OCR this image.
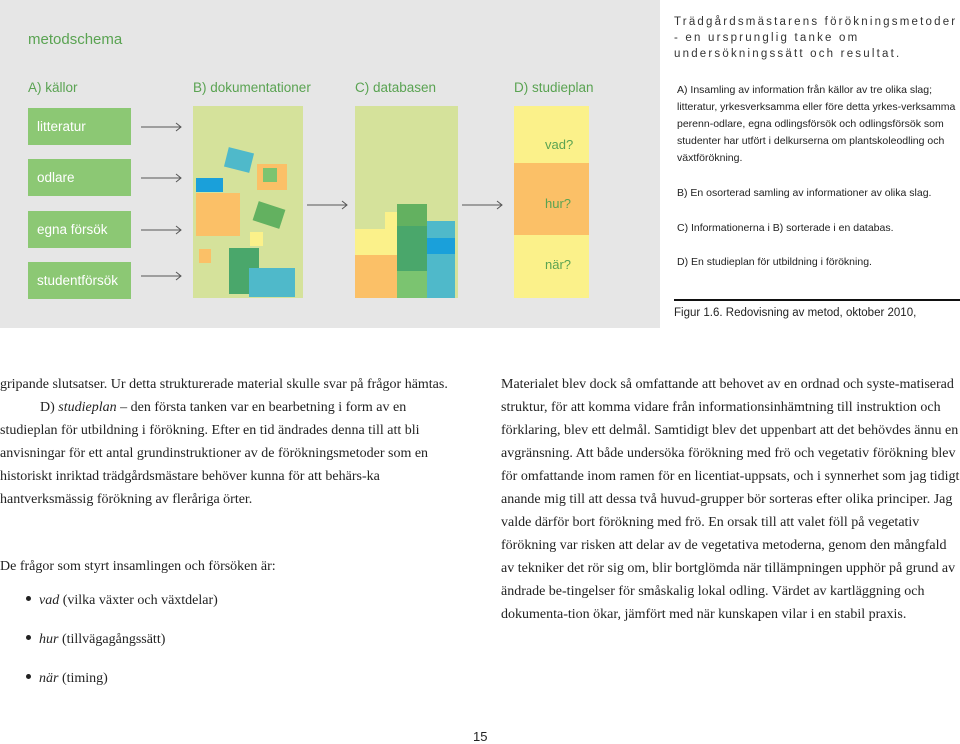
metodschema
A) källor	B) dokumentationer	C) databasen	D) studieplan
litteratur
odlare
egna försök
studentförsök
vad?
hur?
när?
Trädgårdsmästarens förökningsmetoder - en ursprunglig tanke om undersökningssätt och resultat.
A) Insamling av information från källor av tre olika slag; litteratur, yrkesverksamma eller före detta yrkes-verksamma perenn-odlare, egna odlingsförsök och odlingsförsök som studenter har utfört i delkurserna om plantskoleodling och växtförökning.
B) En osorterad samling av informationer av olika slag.
C) Informationerna i B) sorterade i en databas.
D) En studieplan för utbildning i förökning.
Figur 1.6. Redovisning av metod, oktober 2010,

gripande slutsatser. Ur detta strukturerade material skulle svar på frågor hämtas.

D) studieplan – den första tanken var en bearbetning i form av en studieplan för utbildning i förökning. Efter en tid ändrades denna till att bli anvisningar för ett antal grundinstruktioner av de förökningsmetoder som en historiskt inriktad trädgårdsmästare behöver kunna för att behärs-ka hantverksmässig förökning av fleråriga örter.

De frågor som styrt insamlingen och försöken är:
vad (vilka växter och växtdelar)
hur (tillvägagångssätt)
när (timing)

Materialet blev dock så omfattande att behovet av en ordnad och syste-matiserad struktur, för att komma vidare från informationsinhämtning till instruktion och förklaring, blev ett delmål. Samtidigt blev det uppenbart att det behövdes ännu en avgränsning. Att både undersöka förökning med frö och vegetativ förökning blev för omfattande inom ramen för en licentiat-uppsats, och i synnerhet som jag tidigt anande mig till att dessa två huvud-grupper bör sorteras efter olika principer. Jag valde därför bort förökning med frö. En orsak till att valet föll på vegetativ förökning var risken att delar av de vegetativa metoderna, genom den mångfald av tekniker det rör sig om, blir bortglömda när tillämpningen upphör på grund av ändrade be-tingelser för småskalig lokal odling. Värdet av kartläggning och dokumenta-tion ökar, jämfört med när kunskapen vilar i en stabil praxis.

15
